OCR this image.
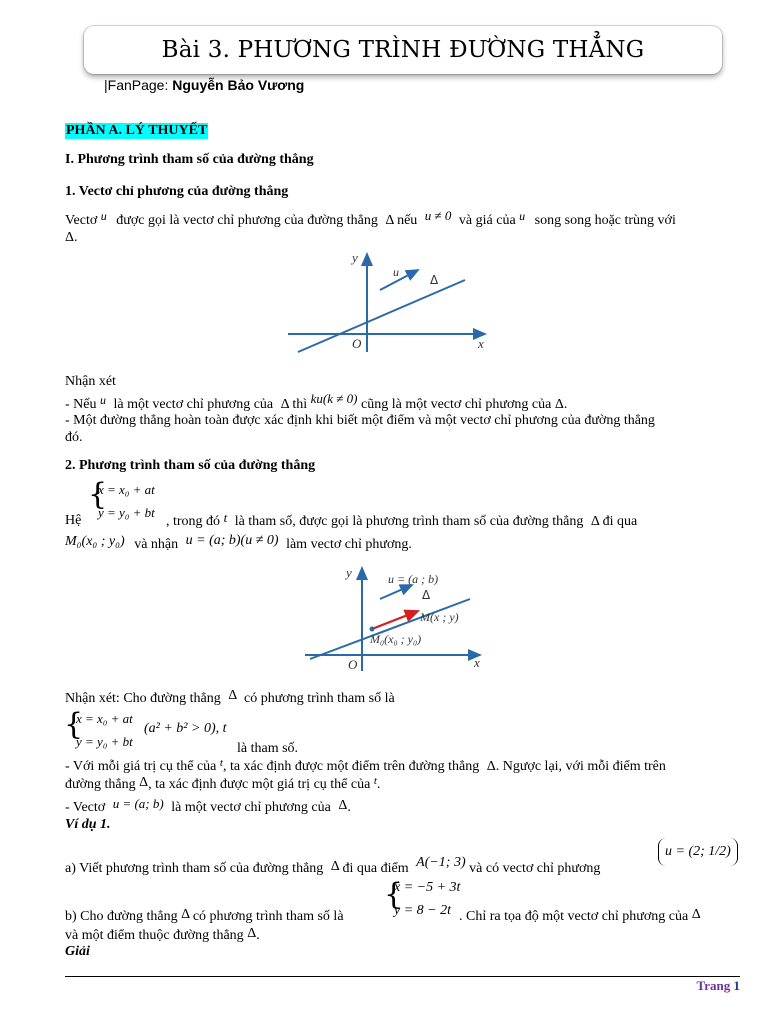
Bài 3. PHƯƠNG TRÌNH ĐƯỜNG THẲNG
|FanPage: Nguyễn Bảo Vương
PHẦN A. LÝ THUYẾT
I. Phương trình tham số của đường thẳng
1. Vectơ chỉ phương của đường thẳng
Vectơ u được gọi là vectơ chỉ phương của đường thẳng Δ nếu u ≠ 0 và giá của u song song hoặc trùng với
Δ.
y
x
O
u
Δ
Nhận xét
- Nếu u là một vectơ chỉ phương của Δ thì ku(k ≠ 0) cũng là một vectơ chỉ phương của Δ.
- Một đường thẳng hoàn toàn được xác định khi biết một điểm và một vectơ chỉ phương của đường thẳng
đó.
2. Phương trình tham số của đường thẳng
{
x = x₀ + at
y = y₀ + bt
Hệ	, trong đó t là tham số, được gọi là phương trình tham số của đường thẳng Δ đi qua
M₀(x₀ ; y₀) và nhận u = (a; b)(u ≠ 0) làm vectơ chỉ phương.
y
x
O
u = (a ; b)
Δ
M(x ; y)
M₀(x₀ ; y₀)
Nhận xét: Cho đường thẳng Δ có phương trình tham số là
{
x = x₀ + at
y = y₀ + bt
(a² + b² > 0), t
là tham số.
- Với mỗi giá trị cụ thể của $^t$, ta xác định được một điểm trên đường thẳng Δ. Ngược lại, với mỗi điểm trên
đường thẳng Δ, ta xác định được một giá trị cụ thể của $^t$.
- Vectơ u = (a; b) là một vectơ chỉ phương của Δ.
Ví dụ 1.
a) Viết phương trình tham số của đường thẳng Δ đi qua điểm A(−1; 3) và có vectơ chỉ phương
u = (2; 1/2)
{
x = −5 + 3t
y = 8 − 2t
b) Cho đường thẳng Δ có phương trình tham số là	. Chỉ ra tọa độ một vectơ chỉ phương của Δ
và một điểm thuộc đường thẳng Δ.
Giải
Trang 1
